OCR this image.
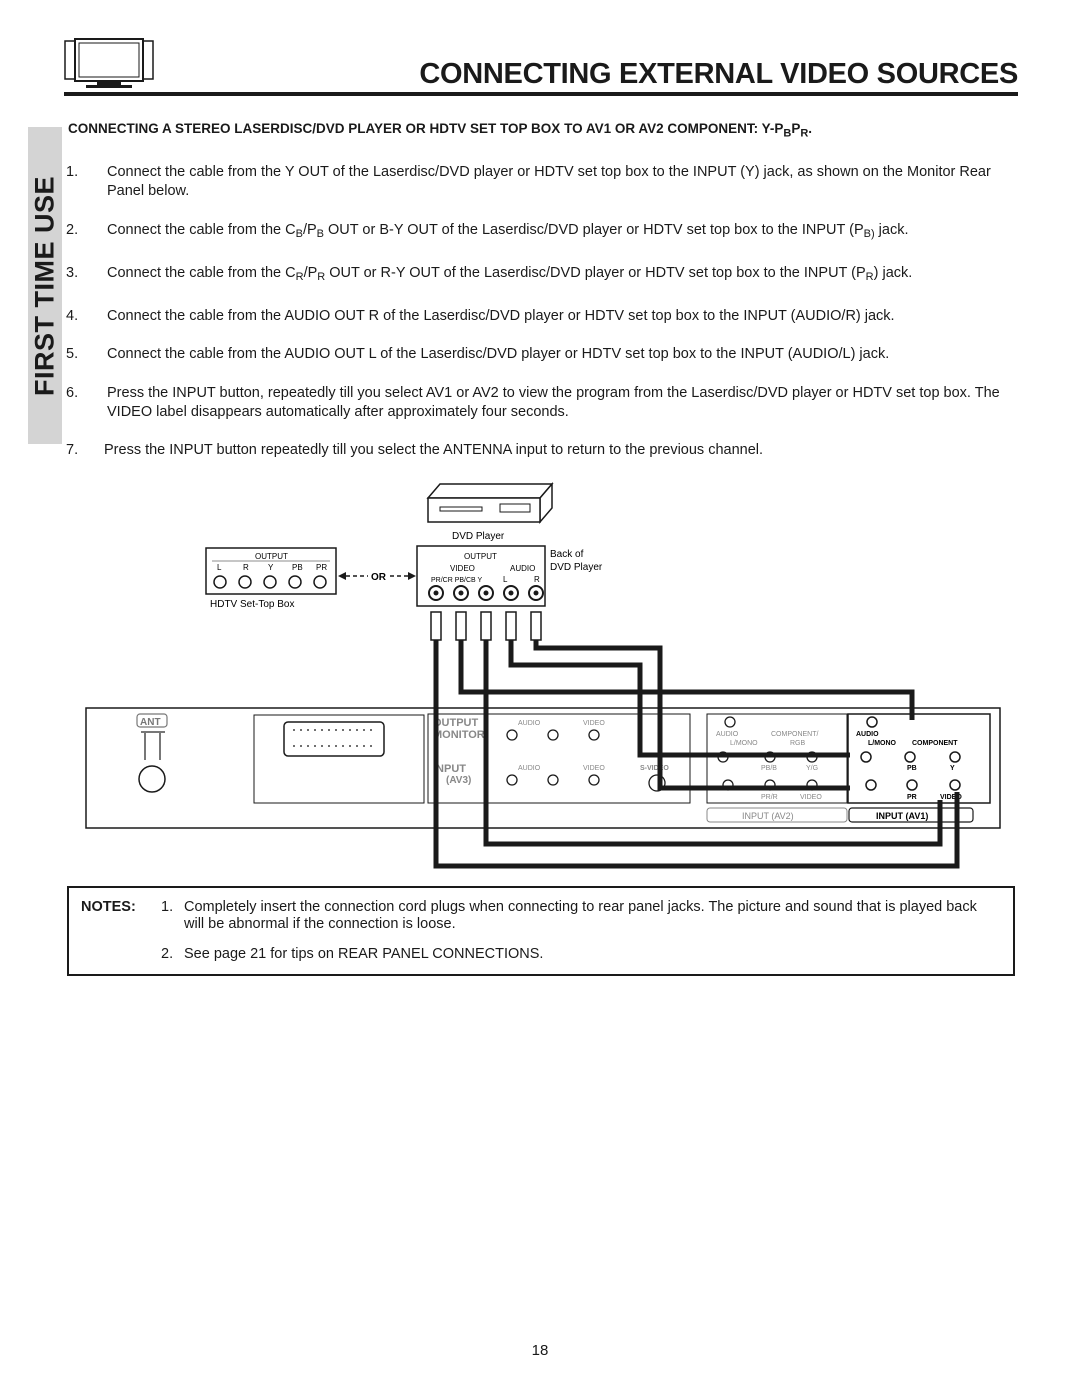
CONNECTING EXTERNAL VIDEO SOURCES
FIRST TIME USE
CONNECTING A STEREO LASERDISC/DVD PLAYER OR HDTV SET TOP BOX TO AV1 OR AV2 COMPONENT: $Y-P_BP_R$.
1.	Connect the cable from the Y OUT of the Laserdisc/DVD player or HDTV set top box to the INPUT (Y) jack, as shown on the Monitor Rear Panel below.
2.	Connect the cable from the $C_B/P_B$ OUT or B-Y OUT of the Laserdisc/DVD player or HDTV set top box to the INPUT ($P_{B)}$ jack.
3.	Connect the cable from the $C_R/P_R$ OUT or R-Y OUT of the Laserdisc/DVD player or HDTV set top box to the INPUT $(P_R)$ jack.
4.	Connect the cable from the AUDIO OUT R of the Laserdisc/DVD player or HDTV set top box to the INPUT (AUDIO/R) jack.
5.	Connect the cable from the AUDIO OUT L of the Laserdisc/DVD player or HDTV set top box to the INPUT (AUDIO/L) jack.
6.	Press the INPUT button, repeatedly till you select AV1 or AV2 to view the program from the Laserdisc/DVD player or HDTV set top box. The VIDEO label disappears automatically after approximately four seconds.
7.	Press the INPUT button repeatedly till you select the ANTENNA input to return to the previous channel.
DVD Player
Back of
DVD Player
OUTPUT
L	R Y PB PR
HDTV Set-Top Box
OR
OUTPUT
VIDEO	AUDIO
PR/CR PB/CB Y	L	R
ANT	OUTPUT
MONITOR
INPUT
(AV3)
AUDIO	VIDEO
AUDIO	VIDEO	S-VIDEO
AUDIO
L/MONO
COMPONENT/
RGB
PB/B	Y/G
PR/R	VIDEO
INPUT (AV2)
AUDIO
L/MONO COMPONENT
PB	Y
PR	VIDEO
INPUT (AV1)
NOTES: 1. Completely insert the connection cord plugs when connecting to rear panel jacks. The picture and sound that is played back will be abnormal if the connection is loose.
2. See page 21 for tips on REAR PANEL CONNECTIONS.
18
